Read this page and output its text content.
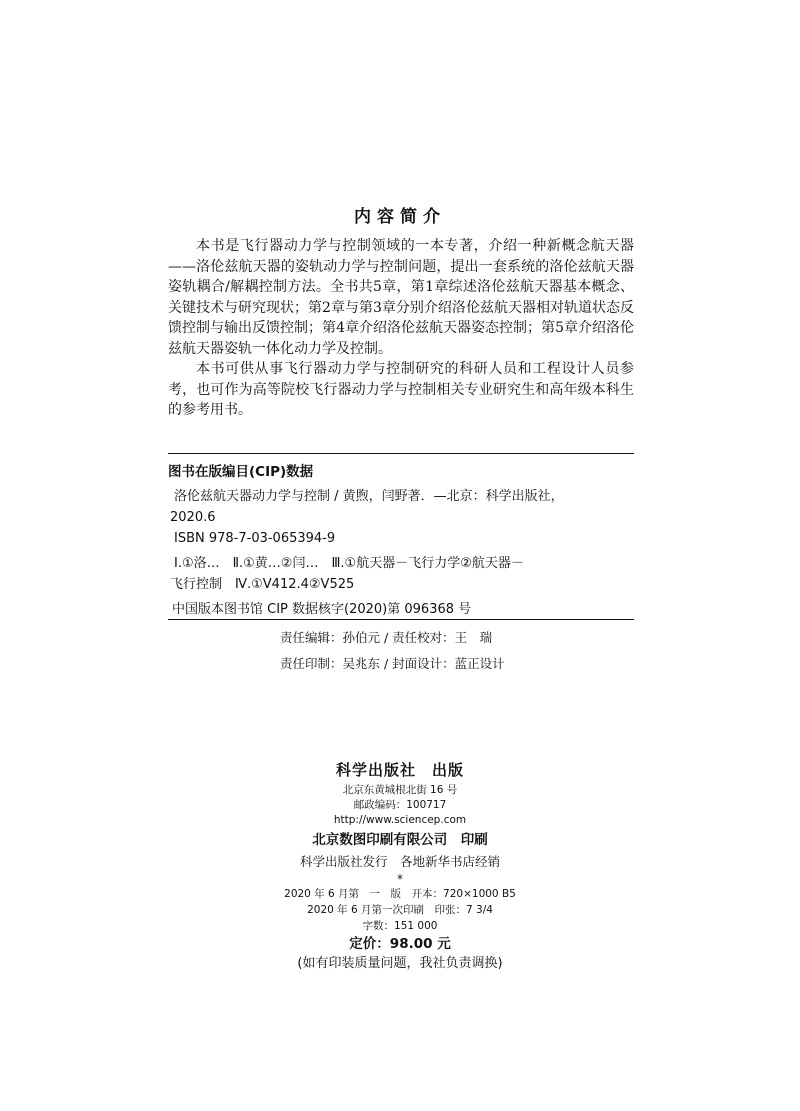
内容简介

本书是飞行器动力学与控制领域的一本专著，介绍一种新概念航天器——洛伦兹航天器的姿轨动力学与控制问题，提出一套系统的洛伦兹航天器姿轨耦合/解耦控制方法。全书共5章，第1章综述洛伦兹航天器基本概念、关键技术与研究现状；第2章与第3章分别介绍洛伦兹航天器相对轨道状态反馈控制与输出反馈控制；第4章介绍洛伦兹航天器姿态控制；第5章介绍洛伦兹航天器姿轨一体化动力学及控制。

本书可供从事飞行器动力学与控制研究的科研人员和工程设计人员参考，也可作为高等院校飞行器动力学与控制相关专业研究生和高年级本科生的参考用书。

图书在版编目(CIP)数据
洛伦兹航天器动力学与控制 / 黄煦，闫野著．—北京：科学出版社，
2020.6
ISBN 978-7-03-065394-9
Ⅰ.①洛…　Ⅱ.①黄…②闫…　Ⅲ.①航天器－飞行力学②航天器－
飞行控制　Ⅳ.①V412.4②V525
中国版本图书馆 CIP 数据核字(2020)第 096368 号
责任编辑：孙伯元 / 责任校对：王　瑞
责任印制：吴兆东 / 封面设计：蓝正设计
科学出版社　出版
北京东黄城根北街 16 号
邮政编码：100717
http://www.sciencep.com
北京数图印刷有限公司　印刷
科学出版社发行　各地新华书店经销
*
2020 年 6 月第　一　版　开本：720×1000 B5
2020 年 6 月第一次印刷　印张：7 3/4
字数：151 000
定价：98.00 元
(如有印装质量问题，我社负责调换)
